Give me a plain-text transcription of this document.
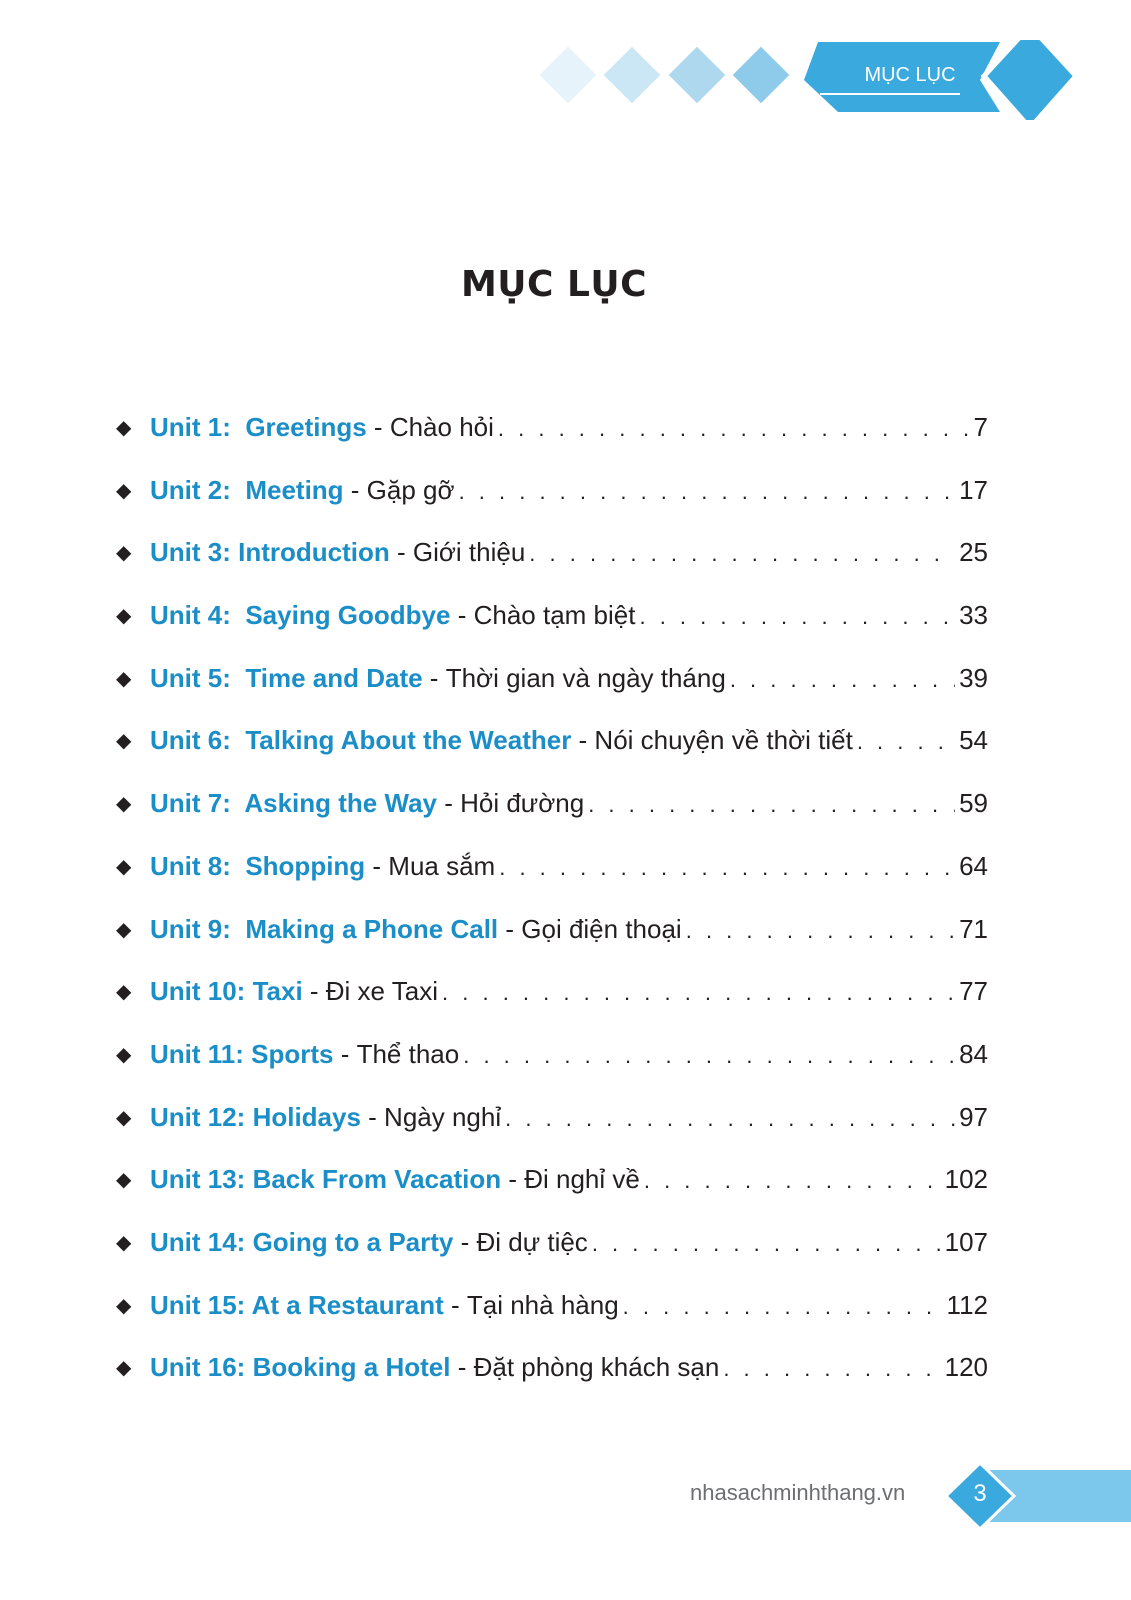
MỤC LỤC
MỤC LỤC
◆ Unit 1:  Greetings - Chào hỏi . . .	7
◆ Unit 2:  Meeting - Gặp gỡ . . .	17
◆ Unit 3: Introduction - Giới thiệu . . .	25
◆ Unit 4:  Saying Goodbye - Chào tạm biệt . . .	33
◆ Unit 5:  Time and Date - Thời gian và ngày tháng . . .	39
◆ Unit 6:  Talking About the Weather - Nói chuyện về thời tiết . . .	54
◆ Unit 7:  Asking the Way - Hỏi đường . . .	59
◆ Unit 8:  Shopping - Mua sắm . . .	64
◆ Unit 9:  Making a Phone Call - Gọi điện thoại . . .	71
◆ Unit 10: Taxi - Đi xe Taxi . . .	77
◆ Unit 11: Sports - Thể thao . . .	84
◆ Unit 12: Holidays - Ngày nghỉ . . .	97
◆ Unit 13: Back From Vacation - Đi nghỉ về . . .	102
◆ Unit 14: Going to a Party - Đi dự tiệc . . .	107
◆ Unit 15: At a Restaurant - Tại nhà hàng . . .	112
◆ Unit 16: Booking a Hotel - Đặt phòng khách sạn . . .	120
nhasachminhthang.vn	3
